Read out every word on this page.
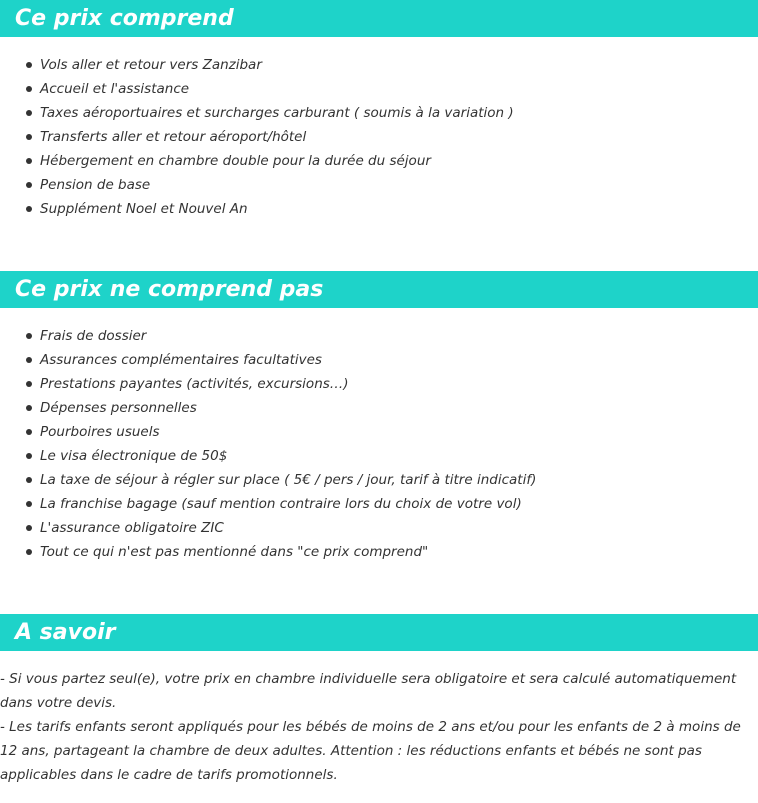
Ce prix comprend
Vols aller et retour vers Zanzibar
Accueil et l'assistance
Taxes aéroportuaires et surcharges carburant ( soumis à la variation )
Transferts aller et retour aéroport/hôtel
Hébergement en chambre double pour la durée du séjour
Pension de base
Supplément Noel et Nouvel An
Ce prix ne comprend pas
Frais de dossier
Assurances complémentaires facultatives
Prestations payantes (activités, excursions…)
Dépenses personnelles
Pourboires usuels
Le visa électronique de 50$
La taxe de séjour à régler sur place ( 5€ / pers / jour, tarif à titre indicatif)
La franchise bagage (sauf mention contraire lors du choix de votre vol)
L'assurance obligatoire ZIC
Tout ce qui n'est pas mentionné dans "ce prix comprend"
A savoir

- Si vous partez seul(e), votre prix en chambre individuelle sera obligatoire et sera calculé automatiquement dans votre devis.

- Les tarifs enfants seront appliqués pour les bébés de moins de 2 ans et/ou pour les enfants de 2 à moins de 12 ans, partageant la chambre de deux adultes. Attention : les réductions enfants et bébés ne sont pas applicables dans le cadre de tarifs promotionnels.
